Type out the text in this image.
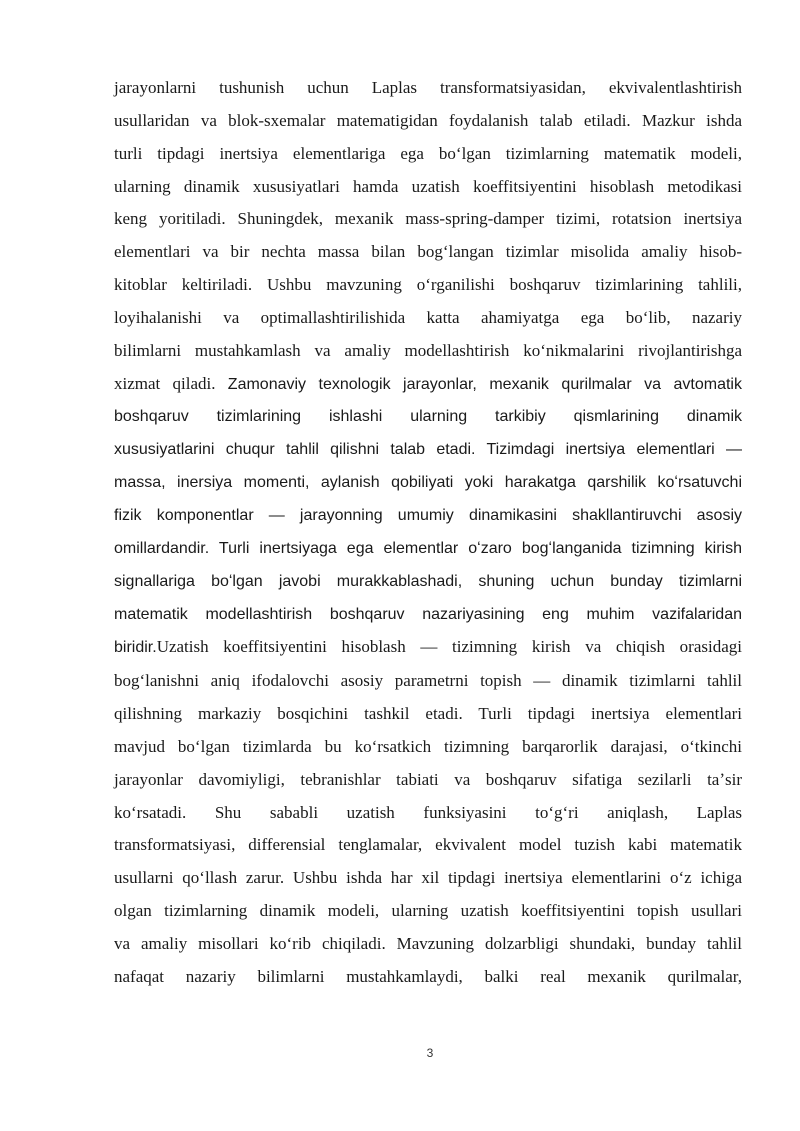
jarayonlarni tushunish uchun Laplas transformatsiyasidan, ekvivalentlashtirish
usullaridan va blok-sxemalar matematigidan foydalanish talab etiladi. Mazkur ishda
turli tipdagi inertsiya elementlariga ega boʻlgan tizimlarning matematik modeli,
ularning dinamik xususiyatlari hamda uzatish koeffitsiyentini hisoblash metodikasi
keng yoritiladi. Shuningdek, mexanik mass-spring-damper tizimi, rotatsion inertsiya
elementlari va bir nechta massa bilan bogʻlangan tizimlar misolida amaliy hisob-
kitoblar keltiriladi. Ushbu mavzuning oʻrganilishi boshqaruv tizimlarining tahlili,
loyihalanishi va optimallashtirilishida katta ahamiyatga ega boʻlib, nazariy
bilimlarni mustahkamlash va amaliy modellashtirish koʻnikmalarini rivojlantirishga
xizmat qiladi. Zamonaviy texnologik jarayonlar, mexanik qurilmalar va avtomatik
boshqaruv tizimlarining ishlashi ularning tarkibiy qismlarining dinamik
xususiyatlarini chuqur tahlil qilishni talab etadi. Tizimdagi inertsiya elementlari —
massa, inersiya momenti, aylanish qobiliyati yoki harakatga qarshilik koʻrsatuvchi
fizik komponentlar — jarayonning umumiy dinamikasini shakllantiruvchi asosiy
omillardandir. Turli inertsiyaga ega elementlar oʻzaro bogʻlanganida tizimning kirish
signallariga boʻlgan javobi murakkablashadi, shuning uchun bunday tizimlarni
matematik modellashtirish boshqaruv nazariyasining eng muhim vazifalaridan
biridir.Uzatish koeffitsiyentini hisoblash — tizimning kirish va chiqish orasidagi
bogʻlanishni aniq ifodalovchi asosiy parametrni topish — dinamik tizimlarni tahlil
qilishning markaziy bosqichini tashkil etadi. Turli tipdagi inertsiya elementlari
mavjud boʻlgan tizimlarda bu koʻrsatkich tizimning barqarorlik darajasi, oʻtkinchi
jarayonlar davomiyligi, tebranishlar tabiati va boshqaruv sifatiga sezilarli taʼsir
koʻrsatadi. Shu sababli uzatish funksiyasini toʻgʻri aniqlash, Laplas
transformatsiyasi, differensial tenglamalar, ekvivalent model tuzish kabi matematik
usullarni qoʻllash zarur. Ushbu ishda har xil tipdagi inertsiya elementlarini oʻz ichiga
olgan tizimlarning dinamik modeli, ularning uzatish koeffitsiyentini topish usullari
va amaliy misollari koʻrib chiqiladi. Mavzuning dolzarbligi shundaki, bunday tahlil
nafaqat nazariy bilimlarni mustahkamlaydi, balki real mexanik qurilmalar,
3
